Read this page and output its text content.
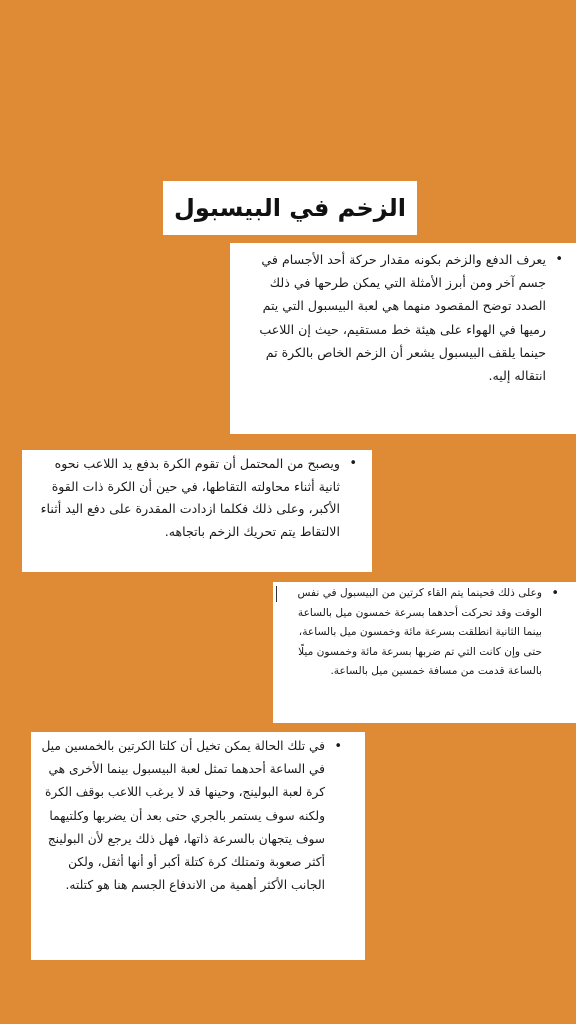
الزخم في البيسبول

•
يعرف الدفع والزخم بكونه مقدار حركة أحد الأجسام في جسم آخر ومن أبرز الأمثلة التي يمكن طرحها في ذلك الصدد توضح المقصود منهما هي لعبة البيسبول التي يتم رميها في الهواء على هيئة خط مستقيم، حيث إن اللاعب حينما يلقف البيسبول يشعر أن الزخم الخاص بالكرة تم انتقاله إليه.

•
ويصبح من المحتمل أن تقوم الكرة بدفع يد اللاعب نحوه ثانية أثناء محاولته التقاطها، في حين أن الكرة ذات القوة الأكبر، وعلى ذلك فكلما ازدادت المقدرة على دفع اليد أثناء الالتقاط يتم تحريك الزخم باتجاهه.

•
وعلى ذلك فحينما يتم القاء كرتين من البيسبول في نفس الوقت وقد تحركت أحدهما بسرعة خمسون ميل بالساعة بينما الثانية انطلقت بسرعة مائة وخمسون ميل بالساعة، حتى وإن كانت التي تم ضربها بسرعة مائة وخمسون ميلًا بالساعة قدمت من مسافة خمسين ميل بالساعة.

•
في تلك الحالة يمكن تخيل أن كلتا الكرتين بالخمسين ميل في الساعة أحدهما تمثل لعبة البيسبول بينما الأخرى هي كرة لعبة البولينج، وحينها قد لا يرغب اللاعب بوقف الكرة ولكنه سوف يستمر بالجري حتى بعد أن يضربها وكلتيهما سوف يتجهان بالسرعة ذاتها، فهل ذلك يرجع لأن البولينج أكثر صعوبة وتمتلك كرة كتلة أكبر أو أنها أثقل، ولكن الجانب الأكثر أهمية من الاندفاع الجسم هنا هو كتلته.
